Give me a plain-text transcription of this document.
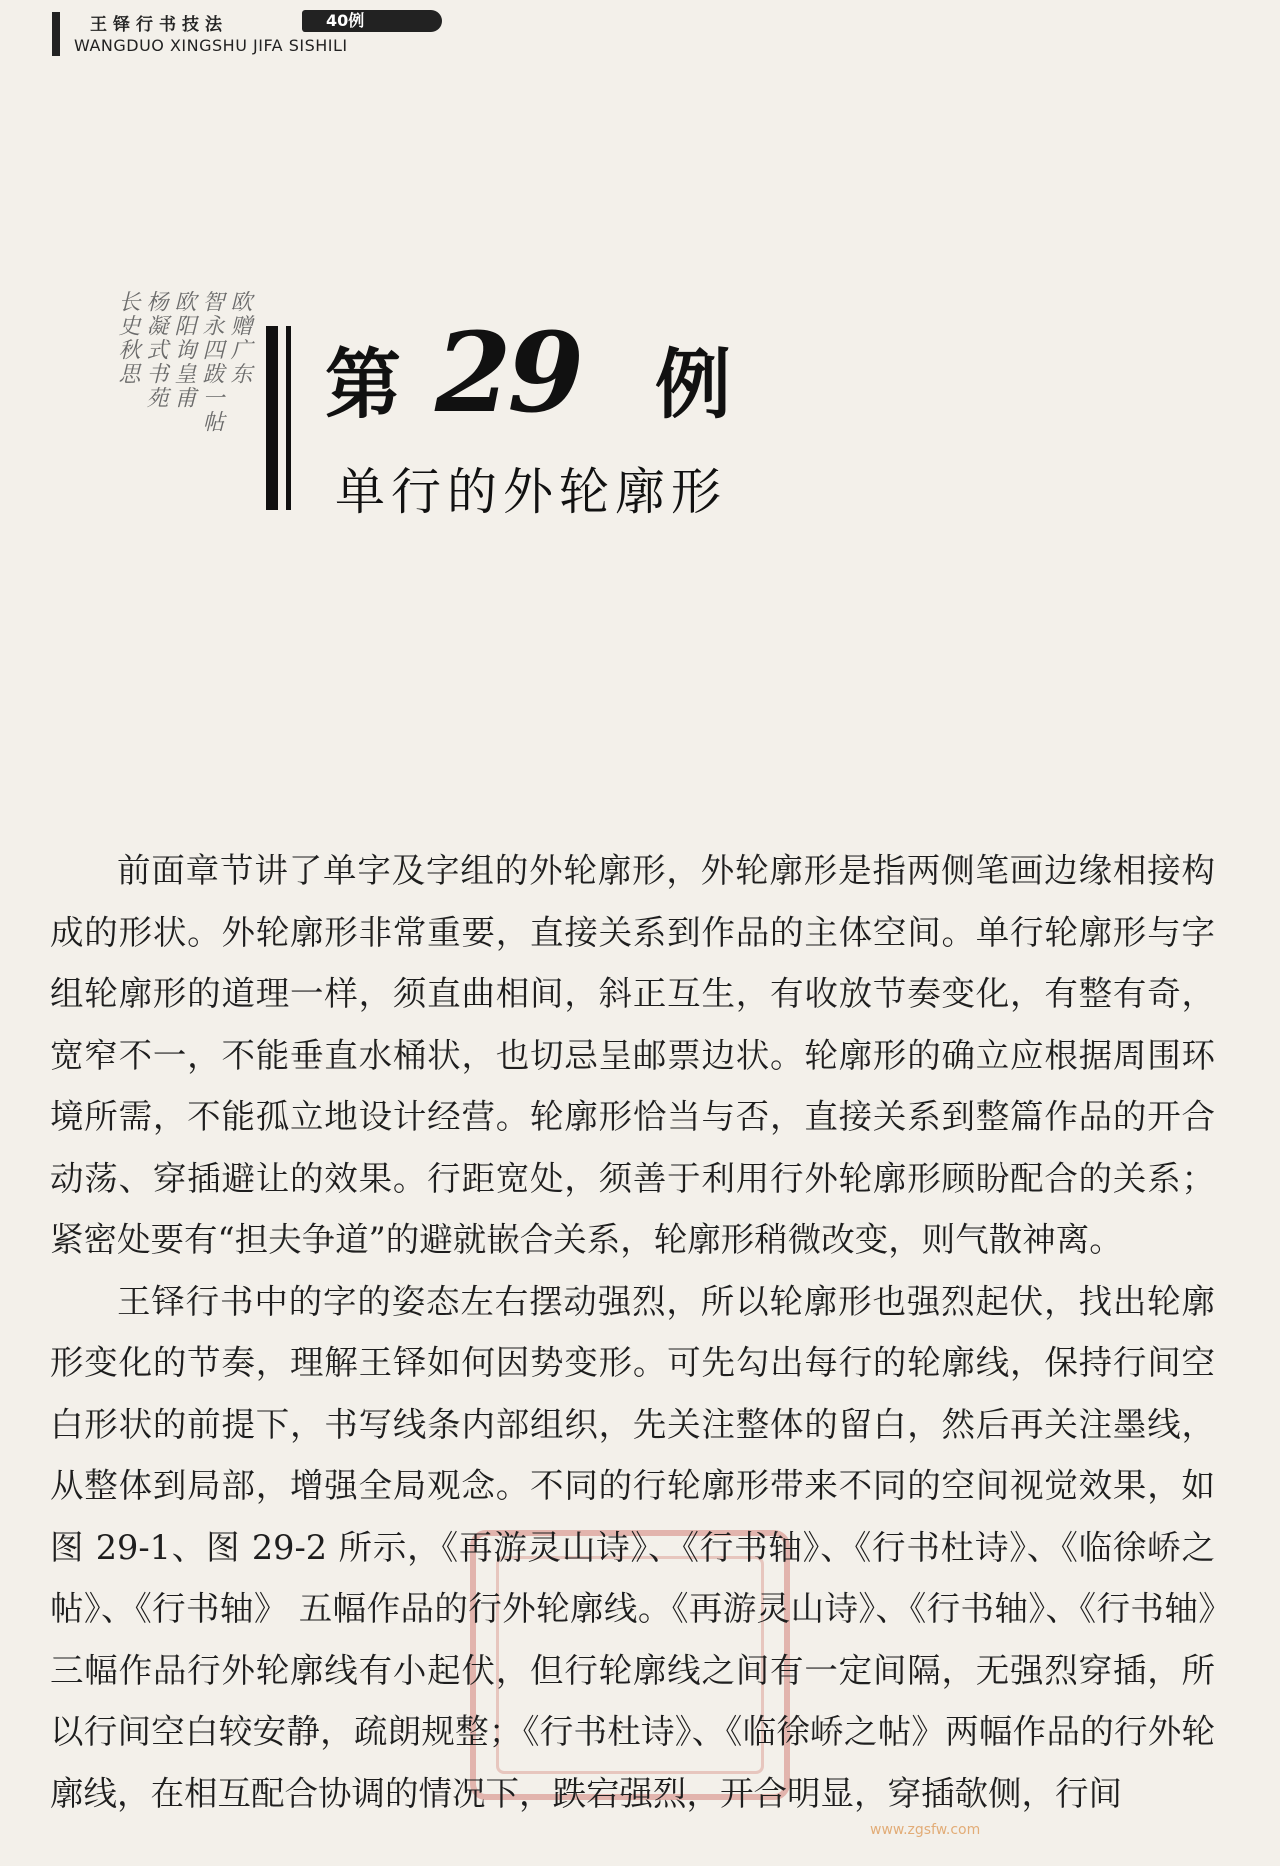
王铎行书技法	40例
WANGDUO XINGSHU JIFA SISHILI
欧赠广东
智永四跋一帖
欧阳询皇甫
杨凝式书苑
长史秋思 第 29 例
单行的外轮廓形

前面章节讲了单字及字组的外轮廓形，外轮廓形是指两侧笔画边缘相接构成的形状。外轮廓形非常重要，直接关系到作品的主体空间。单行轮廓形与字组轮廓形的道理一样，须直曲相间，斜正互生，有收放节奏变化，有整有奇，宽窄不一，不能垂直水桶状，也切忌呈邮票边状。轮廓形的确立应根据周围环境所需，不能孤立地设计经营。轮廓形恰当与否，直接关系到整篇作品的开合动荡、穿插避让的效果。行距宽处，须善于利用行外轮廓形顾盼配合的关系；紧密处要有“担夫争道”的避就嵌合关系，轮廓形稍微改变，则气散神离。

王铎行书中的字的姿态左右摆动强烈，所以轮廓形也强烈起伏，找出轮廓形变化的节奏，理解王铎如何因势变形。可先勾出每行的轮廓线，保持行间空白形状的前提下，书写线条内部组织，先关注整体的留白，然后再关注墨线，从整体到局部，增强全局观念。不同的行轮廓形带来不同的空间视觉效果，如图 29-1、图 29-2 所示，《再游灵山诗》、《行书轴》、《行书杜诗》、《临徐峤之帖》、《行书轴》 五幅作品的行外轮廓线。《再游灵山诗》、《行书轴》、《行书轴》三幅作品行外轮廓线有小起伏，但行轮廓线之间有一定间隔，无强烈穿插，所以行间空白较安静，疏朗规整；《行书杜诗》、《临徐峤之帖》两幅作品的行外轮廓线，在相互配合协调的情况下，跌宕强烈，开合明显，穿插欹侧，行间

www.zgsfw.com
